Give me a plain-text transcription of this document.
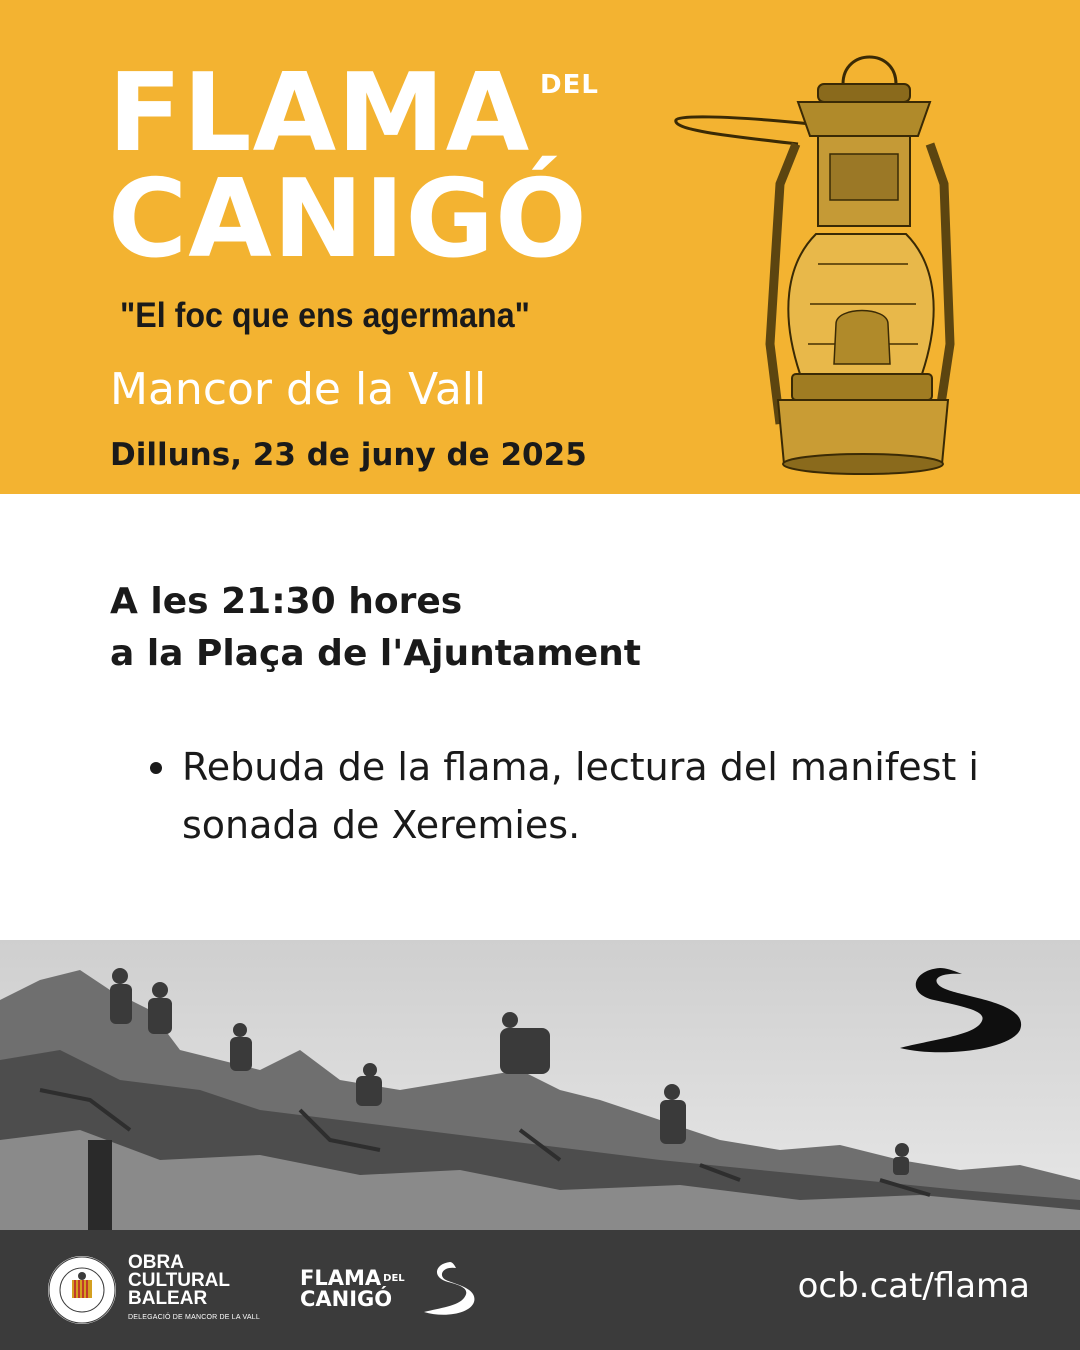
FLAMA
CANIGÓ
DEL
"El foc que ens agermana"
Mancor de la Vall
Dilluns, 23 de juny de 2025
A les 21:30 hores
a la Plaça de l'Ajuntament
Rebuda de la flama, lectura del manifest i sonada de Xeremies.
OBRA
CULTURAL
BALEAR
DELEGACIÓ DE MANCOR DE LA VALL
FLAMA $^{DEL}$
CANIGÓ	ocb.cat/flama
